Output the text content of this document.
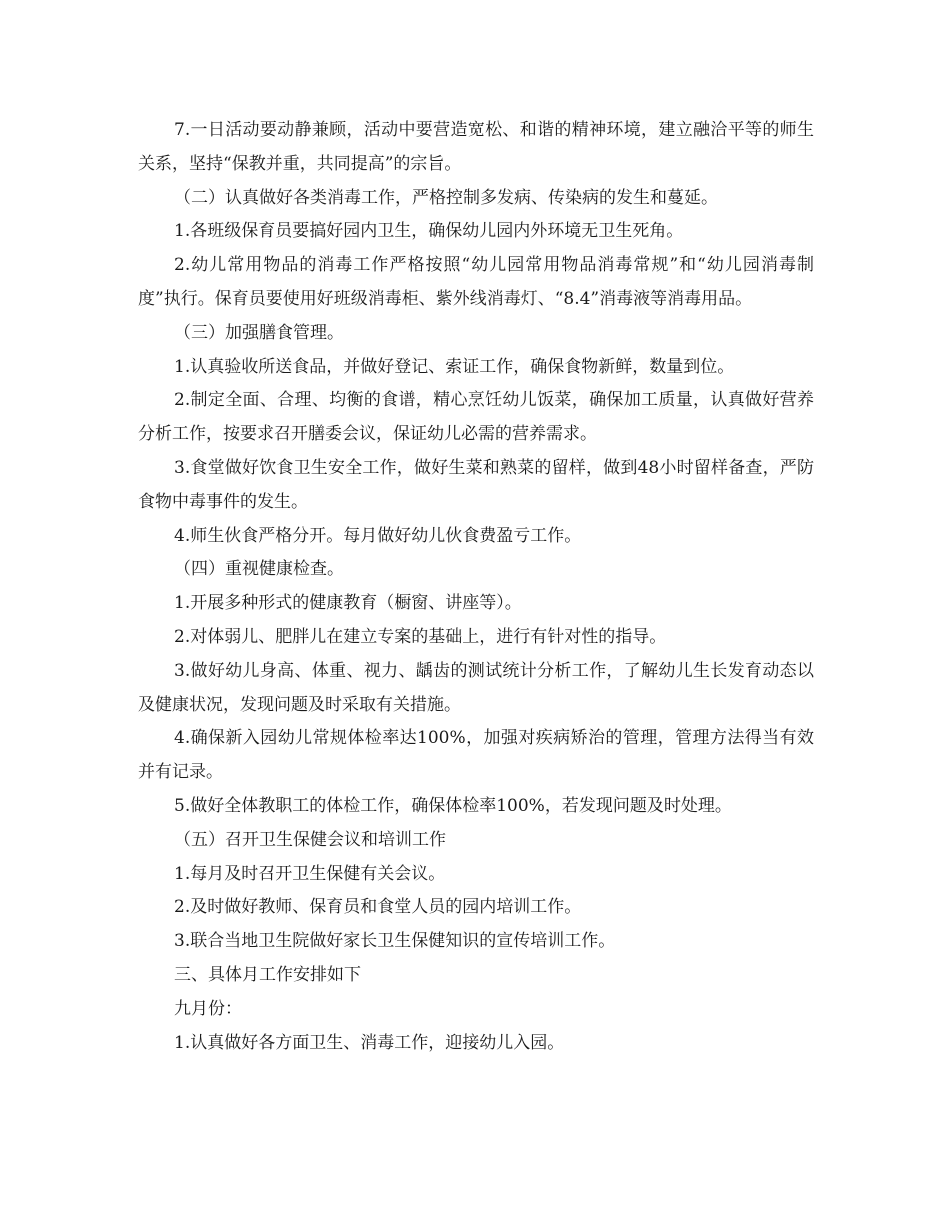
7.一日活动要动静兼顾，活动中要营造宽松、和谐的精神环境，建立融洽平等的师生关系，坚持“保教并重，共同提高”的宗旨。

（二）认真做好各类消毒工作，严格控制多发病、传染病的发生和蔓延。

1.各班级保育员要搞好园内卫生，确保幼儿园内外环境无卫生死角。

2.幼儿常用物品的消毒工作严格按照“幼儿园常用物品消毒常规”和“幼儿园消毒制度”执行。保育员要使用好班级消毒柜、紫外线消毒灯、“8.4”消毒液等消毒用品。

（三）加强膳食管理。

1.认真验收所送食品，并做好登记、索证工作，确保食物新鲜，数量到位。

2.制定全面、合理、均衡的食谱，精心烹饪幼儿饭菜，确保加工质量，认真做好营养分析工作，按要求召开膳委会议，保证幼儿必需的营养需求。

3.食堂做好饮食卫生安全工作，做好生菜和熟菜的留样，做到48小时留样备查，严防食物中毒事件的发生。

4.师生伙食严格分开。每月做好幼儿伙食费盈亏工作。

（四）重视健康检查。

1.开展多种形式的健康教育（橱窗、讲座等）。

2.对体弱儿、肥胖儿在建立专案的基础上，进行有针对性的指导。

3.做好幼儿身高、体重、视力、龋齿的测试统计分析工作，了解幼儿生长发育动态以及健康状况，发现问题及时采取有关措施。

4.确保新入园幼儿常规体检率达100%，加强对疾病矫治的管理，管理方法得当有效并有记录。

5.做好全体教职工的体检工作，确保体检率100%，若发现问题及时处理。

（五）召开卫生保健会议和培训工作

1.每月及时召开卫生保健有关会议。

2.及时做好教师、保育员和食堂人员的园内培训工作。

3.联合当地卫生院做好家长卫生保健知识的宣传培训工作。

三、具体月工作安排如下

九月份：

1.认真做好各方面卫生、消毒工作，迎接幼儿入园。
